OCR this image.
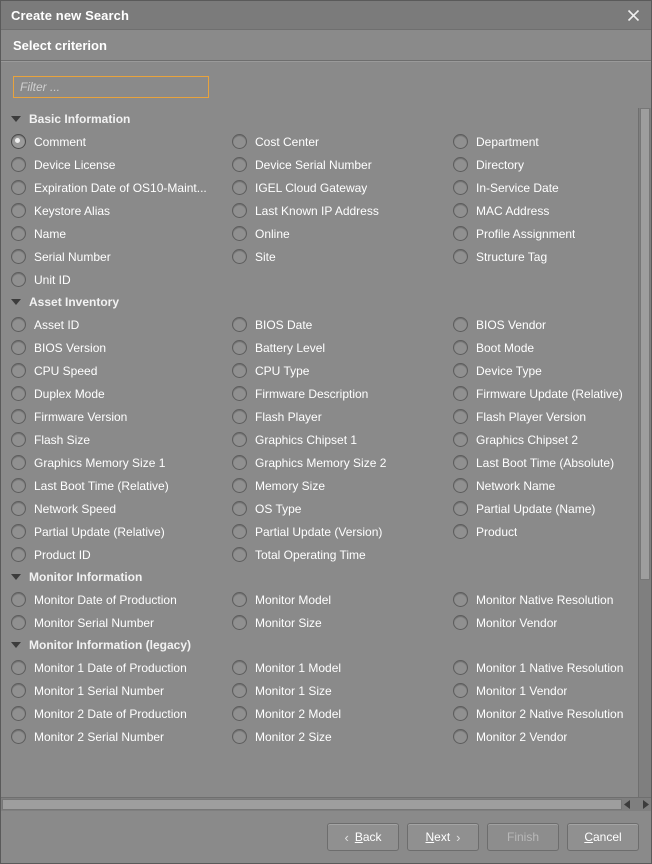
Create new Search
Select criterion
Filter ...
Basic Information
Comment	Cost Center	Department
Device License	Device Serial Number	Directory
Expiration Date of OS10-Maint...	IGEL Cloud Gateway	In-Service Date
Keystore Alias	Last Known IP Address	MAC Address
Name	Online	Profile Assignment
Serial Number	Site	Structure Tag
Unit ID
Asset Inventory
Asset ID	BIOS Date	BIOS Vendor
BIOS Version	Battery Level	Boot Mode
CPU Speed	CPU Type	Device Type
Duplex Mode	Firmware Description	Firmware Update (Relative)
Firmware Version	Flash Player	Flash Player Version
Flash Size	Graphics Chipset 1	Graphics Chipset 2
Graphics Memory Size 1	Graphics Memory Size 2	Last Boot Time (Absolute)
Last Boot Time (Relative)	Memory Size	Network Name
Network Speed	OS Type	Partial Update (Name)
Partial Update (Relative)	Partial Update (Version)	Product
Product ID	Total Operating Time
Monitor Information
Monitor Date of Production	Monitor Model	Monitor Native Resolution
Monitor Serial Number	Monitor Size	Monitor Vendor
Monitor Information (legacy)
Monitor 1 Date of Production	Monitor 1 Model	Monitor 1 Native Resolution
Monitor 1 Serial Number	Monitor 1 Size	Monitor 1 Vendor
Monitor 2 Date of Production	Monitor 2 Model	Monitor 2 Native Resolution
Monitor 2 Serial Number	Monitor 2 Size	Monitor 2 Vendor
‹ Back	Next ›	Finish	Cancel
